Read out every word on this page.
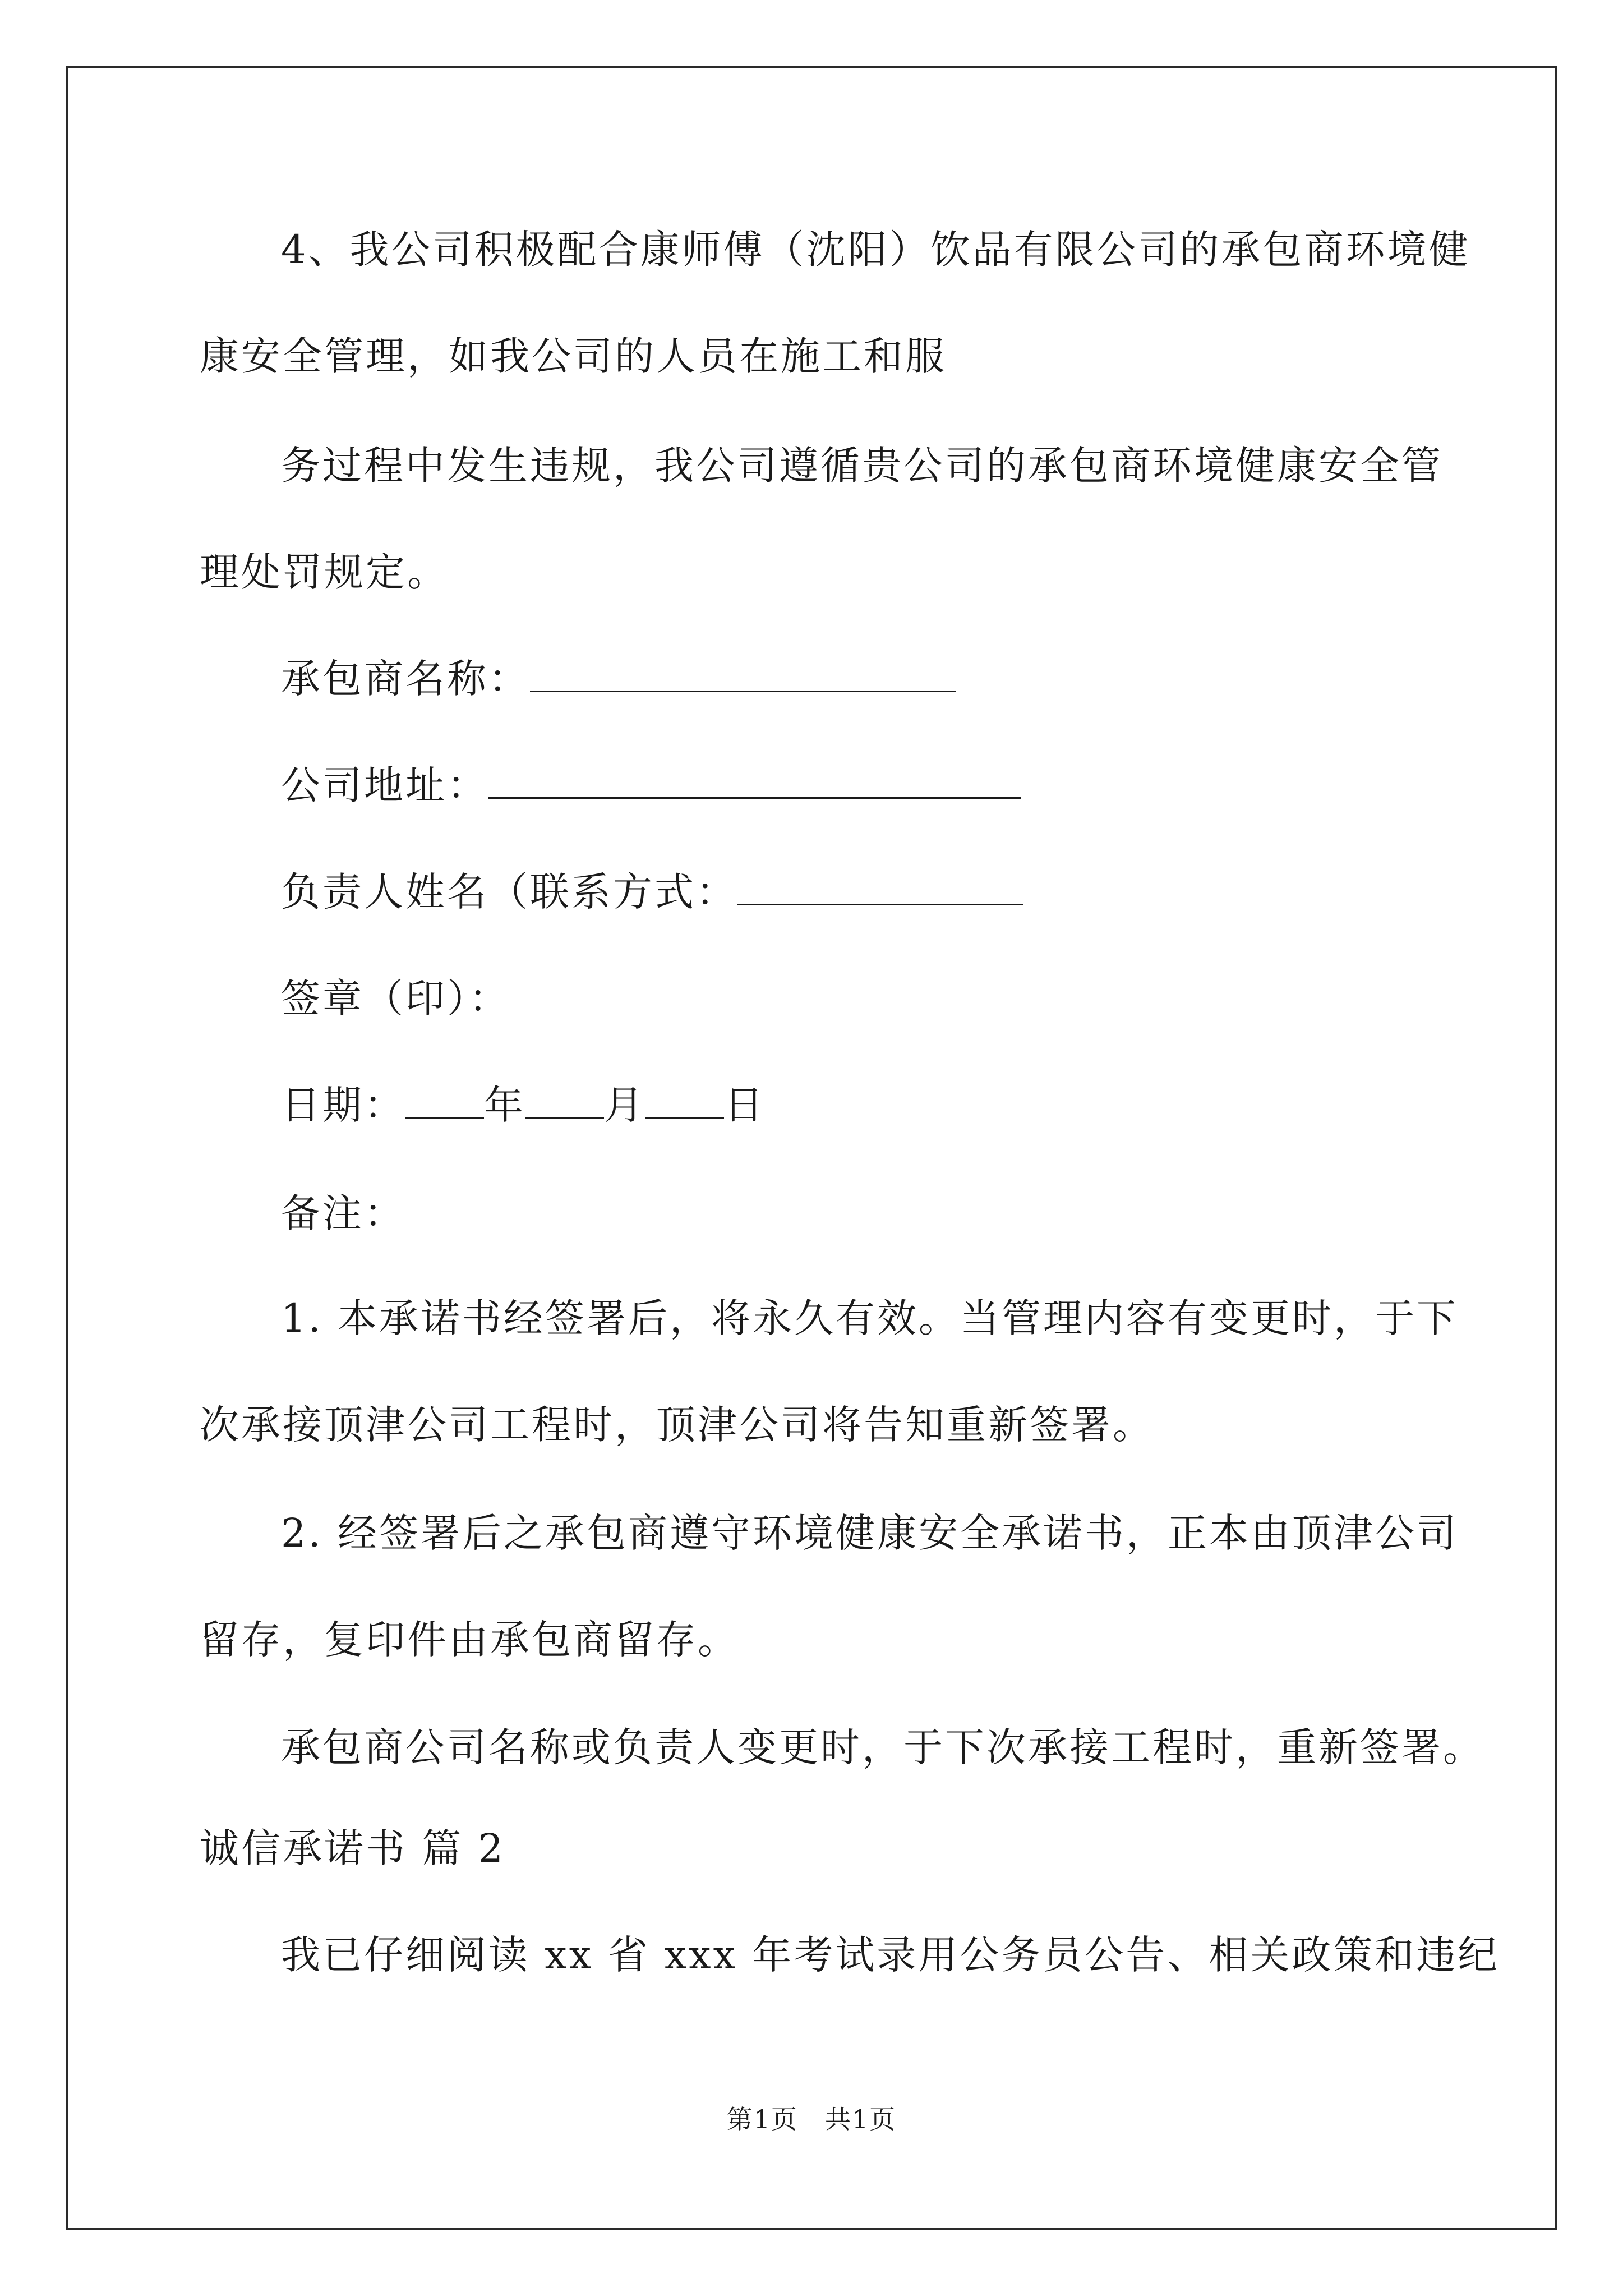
4、我公司积极配合康师傅（沈阳）饮品有限公司的承包商环境健
康安全管理，如我公司的人员在施工和服
务过程中发生违规，我公司遵循贵公司的承包商环境健康安全管
理处罚规定。
承包商名称：
公司地址：
负责人姓名（联系方式：
签章（印）：
日期： 年 月 日
备注：
1. 本承诺书经签署后，将永久有效。当管理内容有变更时，于下
次承接顶津公司工程时，顶津公司将告知重新签署。
2. 经签署后之承包商遵守环境健康安全承诺书，正本由顶津公司
留存，复印件由承包商留存。
承包商公司名称或负责人变更时，于下次承接工程时，重新签署。
诚信承诺书 篇 2
我已仔细阅读 xx 省 xxx 年考试录用公务员公告、相关政策和违纪
第1页　共1页
